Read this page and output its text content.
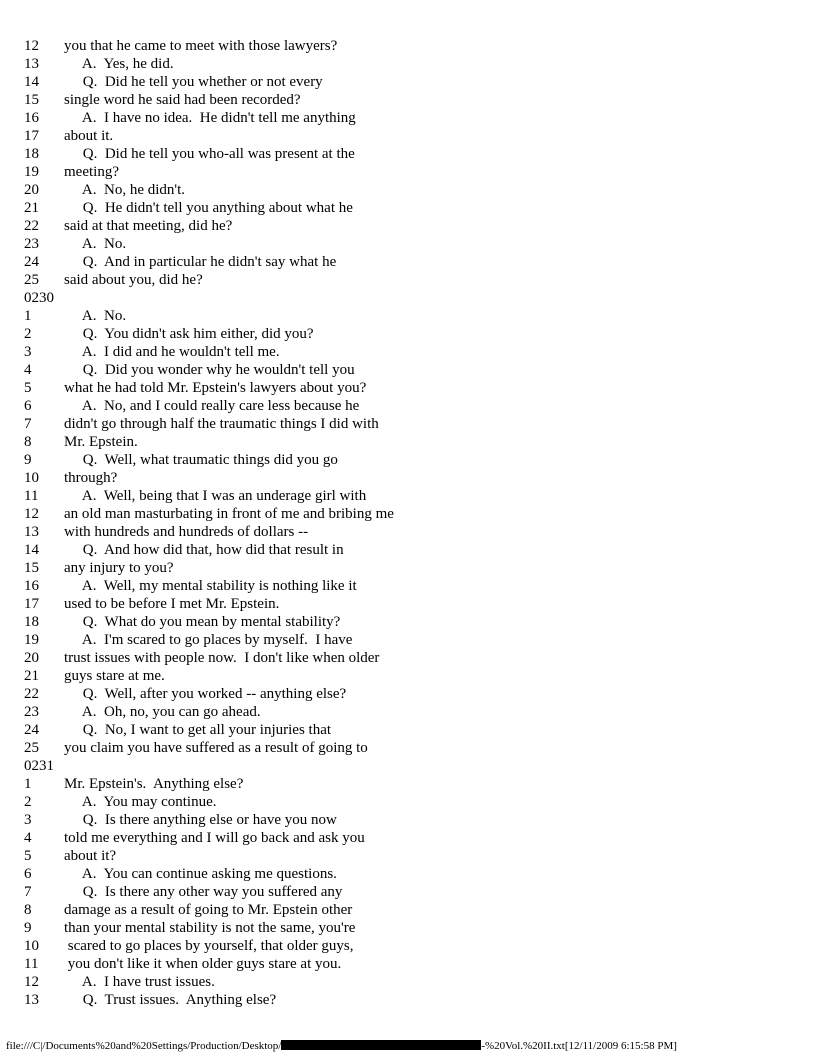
12	you that he came to meet with those lawyers?
13	A.  Yes, he did.
14	Q.  Did he tell you whether or not every
15	single word he said had been recorded?
16	A.  I have no idea.  He didn't tell me anything
17	about it.
18	Q.  Did he tell you who-all was present at the
19	meeting?
20	A.  No, he didn't.
21	Q.  He didn't tell you anything about what he
22	said at that meeting, did he?
23	A.  No.
24	Q.  And in particular he didn't say what he
25	said about you, did he?
0230
1	A.  No.
2	Q.  You didn't ask him either, did you?
3	A.  I did and he wouldn't tell me.
4	Q.  Did you wonder why he wouldn't tell you
5	what he had told Mr. Epstein's lawyers about you?
6	A.  No, and I could really care less because he
7	didn't go through half the traumatic things I did with
8	Mr. Epstein.
9	Q.  Well, what traumatic things did you go
10	through?
11	A.  Well, being that I was an underage girl with
12	an old man masturbating in front of me and bribing me
13	with hundreds and hundreds of dollars --
14	Q.  And how did that, how did that result in
15	any injury to you?
16	A.  Well, my mental stability is nothing like it
17	used to be before I met Mr. Epstein.
18	Q.  What do you mean by mental stability?
19	A.  I'm scared to go places by myself.  I have
20	trust issues with people now.  I don't like when older
21	guys stare at me.
22	Q.  Well, after you worked -- anything else?
23	A.  Oh, no, you can go ahead.
24	Q.  No, I want to get all your injuries that
25	you claim you have suffered as a result of going to
0231
1	Mr. Epstein's.  Anything else?
2	A.  You may continue.
3	Q.  Is there anything else or have you now
4	told me everything and I will go back and ask you
5	about it?
6	A.  You can continue asking me questions.
7	Q.  Is there any other way you suffered any
8	damage as a result of going to Mr. Epstein other
9	than your mental stability is not the same, you're
10	scared to go places by yourself, that older guys,
11	you don't like it when older guys stare at you.
12	A.  I have trust issues.
13	Q.  Trust issues.  Anything else?
file:///C|/Documents%20and%20Settings/Production/Desktop/	-%20Vol.%20II.txt[12/11/2009 6:15:58 PM]
